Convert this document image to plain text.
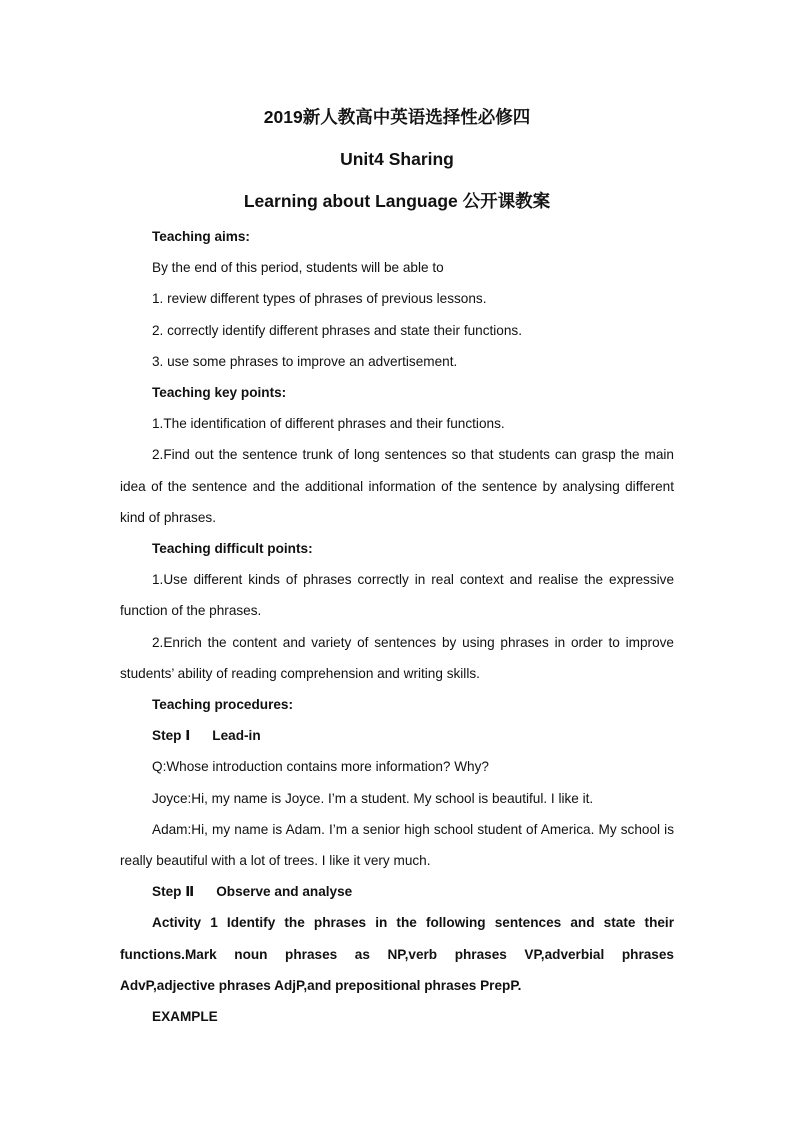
2019新人教高中英语选择性必修四
Unit4 Sharing
Learning about Language 公开课教案

Teaching aims:

By the end of this period, students will be able to

1. review different types of phrases of previous lessons.

2. correctly identify different phrases and state their functions.

3. use some phrases to improve an advertisement.

Teaching key points:

1.The identification of different phrases and their functions.

2.Find out the sentence trunk of long sentences so that students can grasp the main idea of the sentence and the additional information of the sentence by analysing different kind of phrases.

Teaching difficult points:

1.Use different kinds of phrases correctly in real context and realise the expressive function of the phrases.

2.Enrich the content and variety of sentences by using phrases in order to improve students’ ability of reading comprehension and writing skills.

Teaching procedures:

Step Ⅰ Lead-in

Q:Whose introduction contains more information? Why?

Joyce:Hi, my name is Joyce. I’m a student. My school is beautiful. I like it.

Adam:Hi, my name is Adam. I’m a senior high school student of America. My school is really beautiful with a lot of trees. I like it very much.

Step Ⅱ Observe and analyse

Activity 1 Identify the phrases in the following sentences and state their functions.Mark noun phrases as NP,verb phrases VP,adverbial phrases AdvP,adjective phrases AdjP,and prepositional phrases PrepP.

EXAMPLE
